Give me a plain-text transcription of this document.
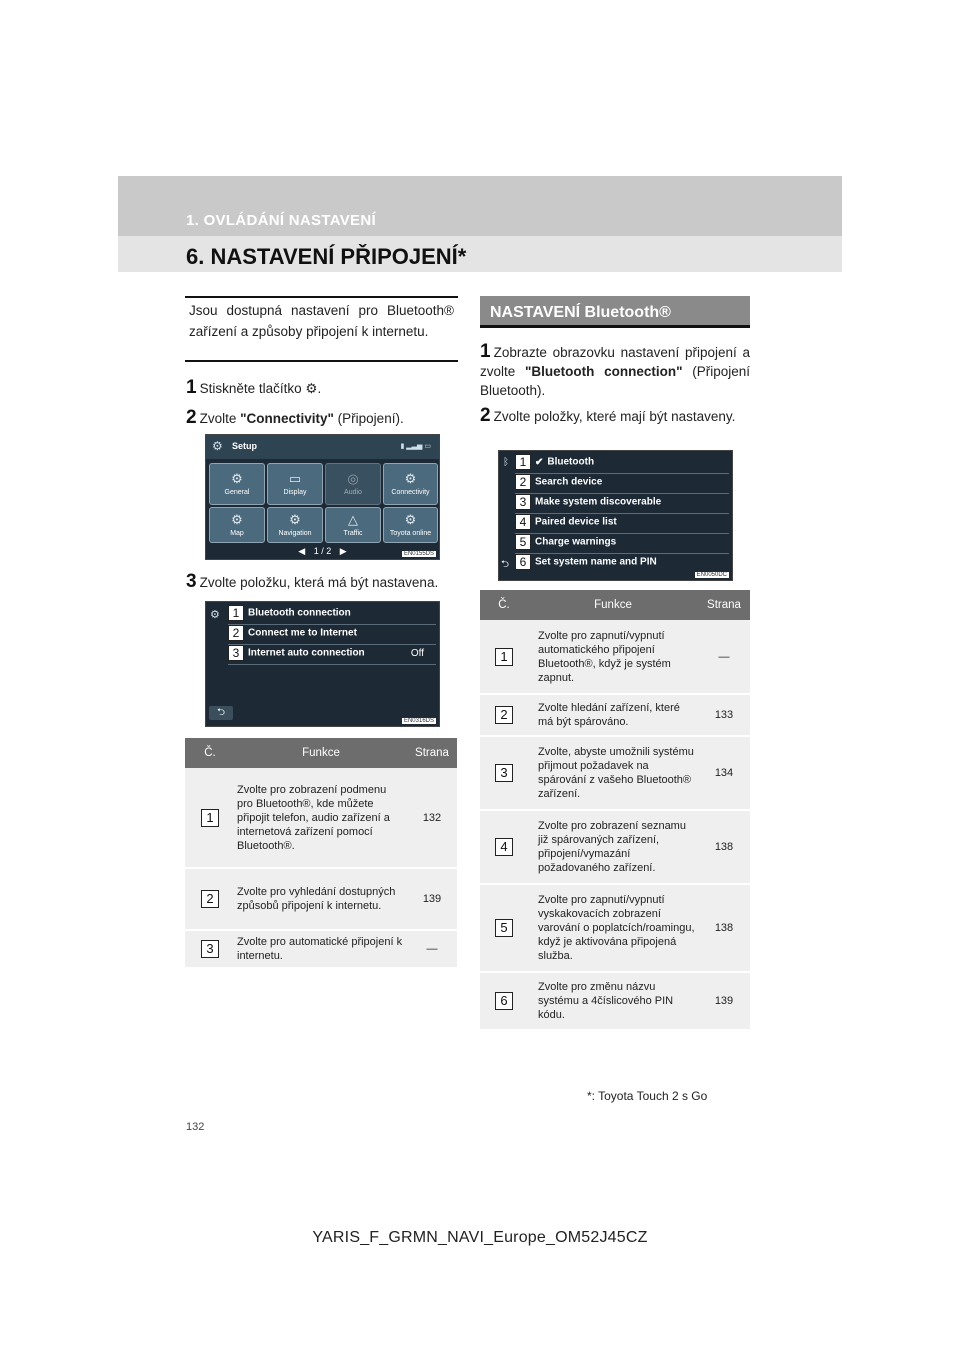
1. OVLÁDÁNÍ NASTAVENÍ
6. NASTAVENÍ PŘIPOJENÍ*
Jsou dostupná nastavení pro Bluetooth® zařízení a způsoby připojení k internetu.
1 Stiskněte tlačítko ⚙.
2 Zvolte "Connectivity" (Připojení).
⚙ Setup	▮ ▂▃▅ ▭
⚙
General
▭
Display
◎
Audio
⚙
Connectivity
⚙
Map
⚙
Navigation
△
Traffic
⚙
Toyota online
◀ 1 / 2 ▶	EN0155DS
3 Zvolte položku, která má být nastavena.
⚙	1 Bluetooth connection
2 Connect me to Internet
3 Internet auto connection	Off
⮌
EN0316DS
Č.	Funkce	Strana
1	Zvolte pro zobrazení podmenu pro Bluetooth®, kde můžete připojit telefon, audio zařízení a internetová zařízení pomocí Bluetooth®.	132
2	Zvolte pro vyhledání dostupných způsobů připojení k internetu.	139
3	Zvolte pro automatické připojení k internetu.	—
NASTAVENÍ Bluetooth®
1 Zobrazte obrazovku nastavení připojení a zvolte "Bluetooth connection" (Připojení Bluetooth).
2 Zvolte položky, které mají být nastaveny.
ᛒ 1 ✔ Bluetooth
2 Search device
3 Make system discoverable
4 Paired device list
5 Charge warnings
6 Set system name and PIN
⮌
EN0050DC
Č.	Funkce	Strana
1	Zvolte pro zapnutí/vypnutí automatického připojení Bluetooth®, když je systém zapnut.	—
2	Zvolte hledání zařízení, které má být spárováno.	133
3	Zvolte, abyste umožnili systému přijmout požadavek na spárování z vašeho Bluetooth® zařízení.	134
4	Zvolte pro zobrazení seznamu již spárovaných zařízení, připojení/vymazání požadovaného zařízení.	138
5	Zvolte pro zapnutí/vypnutí vyskakovacích zobrazení varování o poplatcích/roamingu, když je aktivována připojená služba.	138
6	Zvolte pro změnu názvu systému a 4číslicového PIN kódu.	139
*: Toyota Touch 2 s Go
132
YARIS_F_GRMN_NAVI_Europe_OM52J45CZ
